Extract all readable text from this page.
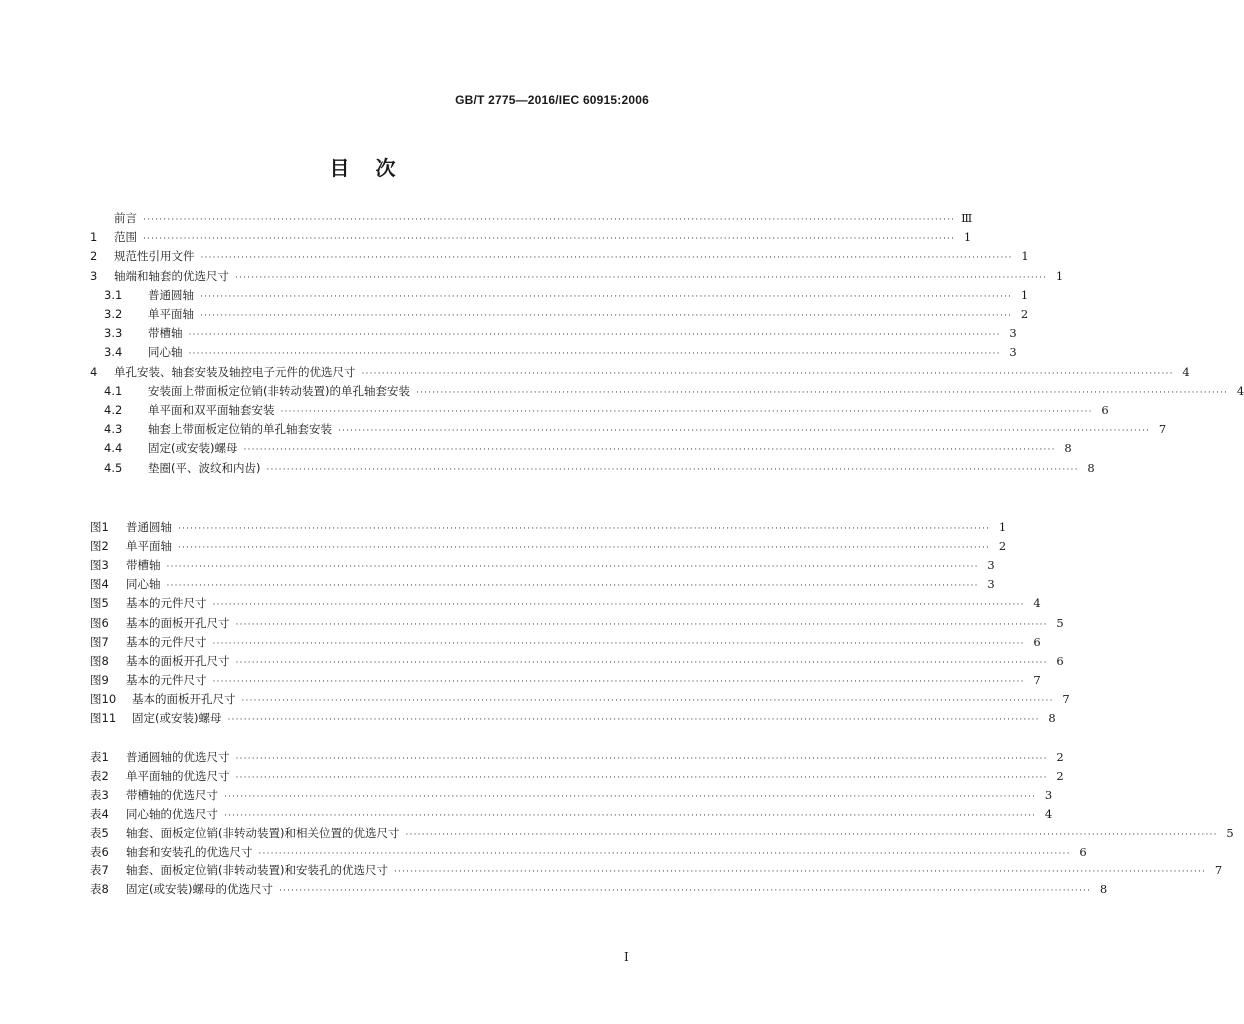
GB/T 2775—2016/IEC 60915:2006
目次
前言 ········································································································································································································ Ⅲ
1	范围 ········································································································································································································ 1
2	规范性引用文件 ········································································································································································································ 1
3	轴端和轴套的优选尺寸 ········································································································································································································ 1
3.1	普通圆轴 ········································································································································································································ 1
3.2	单平面轴 ········································································································································································································ 2
3.3	带槽轴 ········································································································································································································ 3
3.4	同心轴 ········································································································································································································ 3
4	单孔安装、轴套安装及轴控电子元件的优选尺寸 ········································································································································································································ 4
4.1	安装面上带面板定位销(非转动装置)的单孔轴套安装 ········································································································································································································ 4
4.2	单平面和双平面轴套安装 ········································································································································································································ 6
4.3	轴套上带面板定位销的单孔轴套安装 ········································································································································································································ 7
4.4	固定(或安装)螺母 ········································································································································································································ 8
4.5	垫圈(平、波纹和内齿) ········································································································································································································ 8
图1	普通圆轴 ········································································································································································································ 1
图2	单平面轴 ········································································································································································································ 2
图3	带槽轴 ········································································································································································································ 3
图4	同心轴 ········································································································································································································ 3
图5	基本的元件尺寸 ········································································································································································································ 4
图6	基本的面板开孔尺寸 ········································································································································································································ 5
图7	基本的元件尺寸 ········································································································································································································ 6
图8	基本的面板开孔尺寸 ········································································································································································································ 6
图9	基本的元件尺寸 ········································································································································································································ 7
图10	基本的面板开孔尺寸 ········································································································································································································ 7
图11	固定(或安装)螺母 ········································································································································································································ 8
表1	普通圆轴的优选尺寸 ········································································································································································································ 2
表2	单平面轴的优选尺寸 ········································································································································································································ 2
表3	带槽轴的优选尺寸 ········································································································································································································ 3
表4	同心轴的优选尺寸 ········································································································································································································ 4
表5	轴套、面板定位销(非转动装置)和相关位置的优选尺寸 ········································································································································································································ 5
表6	轴套和安装孔的优选尺寸 ········································································································································································································ 6
表7	轴套、面板定位销(非转动装置)和安装孔的优选尺寸 ········································································································································································································ 7
表8	固定(或安装)螺母的优选尺寸 ········································································································································································································ 8
I
